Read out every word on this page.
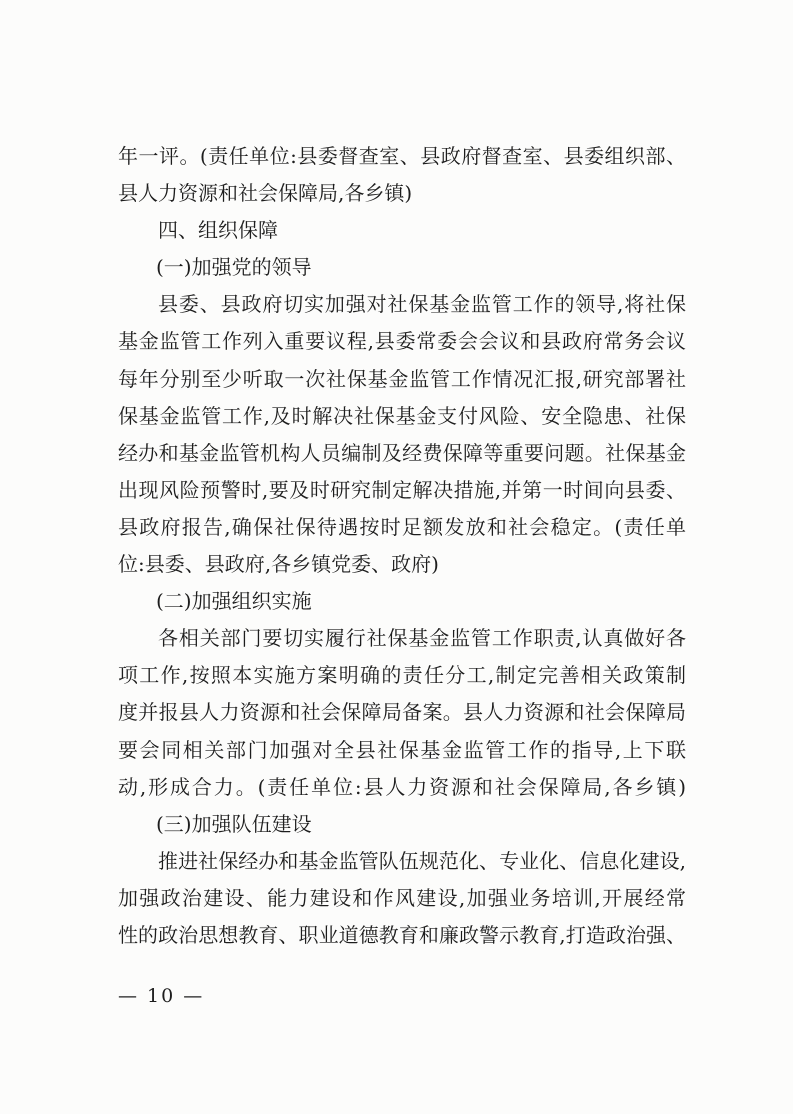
年一评。(责任单位:县委督查室、县政府督查室、县委组织部、
县人力资源和社会保障局,各乡镇)
四、组织保障
(一)加强党的领导
县委、县政府切实加强对社保基金监管工作的领导,将社保
基金监管工作列入重要议程,县委常委会会议和县政府常务会议
每年分别至少听取一次社保基金监管工作情况汇报,研究部署社
保基金监管工作,及时解决社保基金支付风险、安全隐患、社保
经办和基金监管机构人员编制及经费保障等重要问题。社保基金
出现风险预警时,要及时研究制定解决措施,并第一时间向县委、
县政府报告,确保社保待遇按时足额发放和社会稳定。(责任单
位:县委、县政府,各乡镇党委、政府)
(二)加强组织实施
各相关部门要切实履行社保基金监管工作职责,认真做好各
项工作,按照本实施方案明确的责任分工,制定完善相关政策制
度并报县人力资源和社会保障局备案。县人力资源和社会保障局
要会同相关部门加强对全县社保基金监管工作的指导,上下联
动,形成合力。(责任单位:县人力资源和社会保障局,各乡镇)
(三)加强队伍建设
推进社保经办和基金监管队伍规范化、专业化、信息化建设,
加强政治建设、能力建设和作风建设,加强业务培训,开展经常
性的政治思想教育、职业道德教育和廉政警示教育,打造政治强、
— 10 —
